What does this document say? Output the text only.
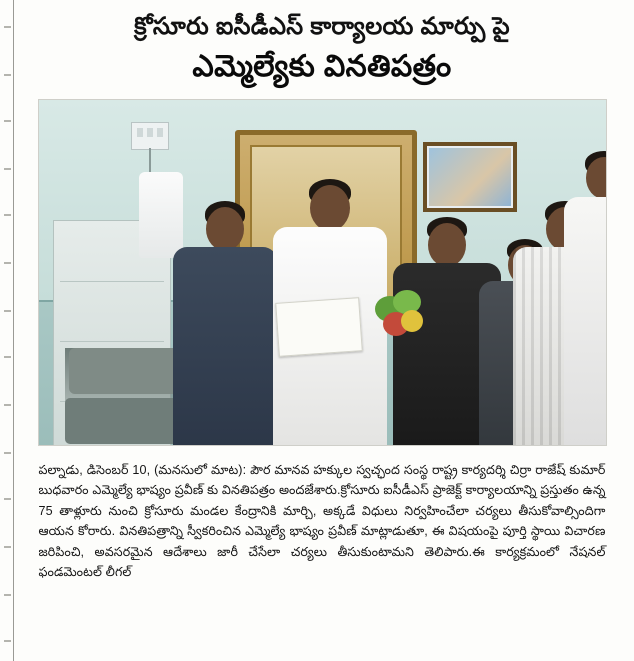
క్రోసూరు ఐసీడీఎస్ కార్యాలయ మార్పు పై
ఎమ్మెల్యేకు వినతిపత్రం

పల్నాడు, డిసెంబర్ 10, (మనసులో మాట): పౌర మానవ హక్కుల స్వచ్ఛంద సంస్థ రాష్ట్ర కార్యదర్శి చిర్రా రాజేష్ కుమార్ బుధవారం ఎమ్మెల్యే భాష్యం ప్రవీణ్ కు వినతిపత్రం అందజేశారు.క్రోసూరు ఐసీడీఎస్ ప్రాజెక్ట్ కార్యాలయాన్ని ప్రస్తుతం ఉన్న 75 తాళ్లూరు నుంచి క్రోసూరు మండల కేంద్రానికి మార్చి, అక్కడే విధులు నిర్వహించేలా చర్యలు తీసుకోవాల్సిందిగా ఆయన కోరారు. వినతిపత్రాన్ని స్వీకరించిన ఎమ్మెల్యే భాష్యం ప్రవీణ్ మాట్లాడుతూ, ఈ విషయంపై పూర్తి స్థాయి విచారణ జరిపించి, అవసరమైన ఆదేశాలు జారీ చేసేలా చర్యలు తీసుకుంటామని తెలిపారు.ఈ కార్యక్రమంలో నేషనల్ ఫండమెంటల్ లీగల్
